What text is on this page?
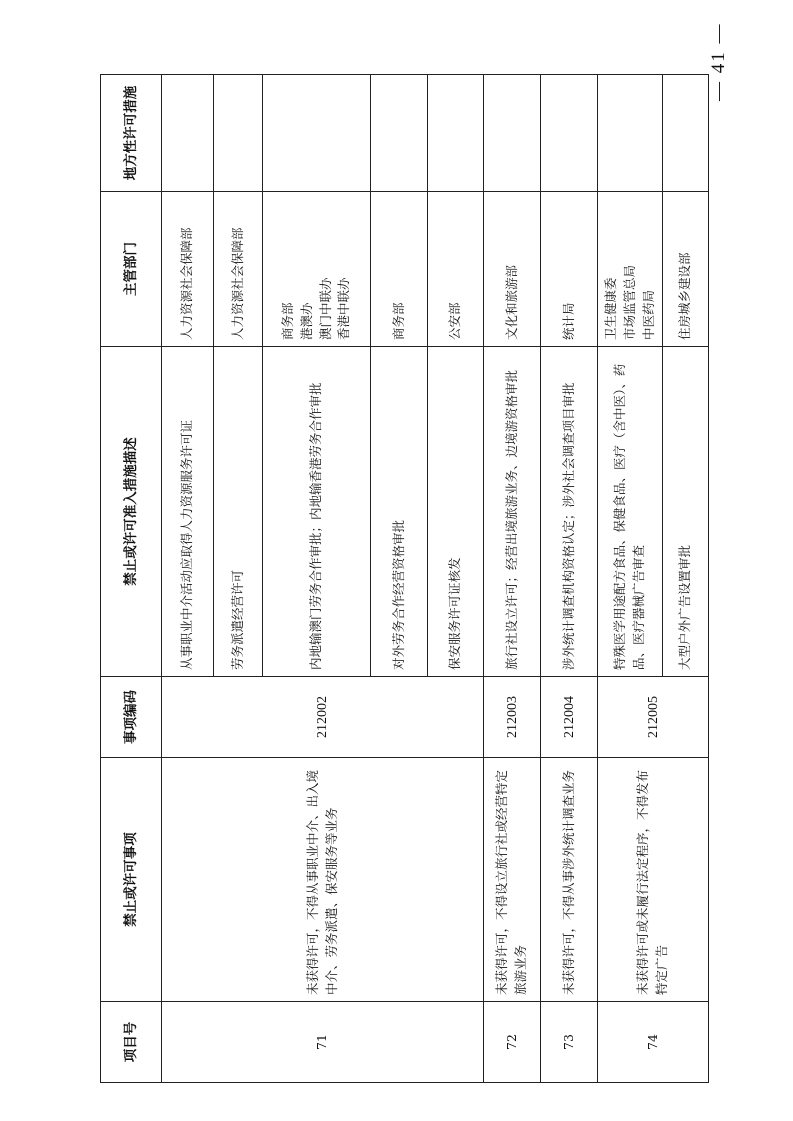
项目号	禁止或许可事项	事项编码	禁止或许可准入措施描述	主管部门	地方性许可措施
71	未获得许可，不得从事职业中介、出入境中介、劳务派遣、保安服务等业务	212002	从事职业中介活动应取得人力资源服务许可证	人力资源社会保障部	
			劳务派遣经营许可	人力资源社会保障部	
			内地输澳门劳务合作审批；内地输香港劳务合作审批	商务部
港澳办
澳门中联办
香港中联办	
			对外劳务合作经营资格审批	商务部	
			保安服务许可证核发	公安部	
72	未获得许可，不得设立旅行社或经营特定旅游业务	212003	旅行社设立许可；经营出境旅游业务、边境游资格审批	文化和旅游部	
73	未获得许可，不得从事涉外统计调查业务	212004	涉外统计调查机构资格认定；涉外社会调查项目审批	统计局	
74	未获得许可或未履行法定程序，不得发布特定广告	212005	特殊医学用途配方食品、保健食品、医疗（含中医）、药品、医疗器械广告审查	卫生健康委
市场监管总局
中医药局	
			大型户外广告设置审批	住房城乡建设部	
— 41 —
